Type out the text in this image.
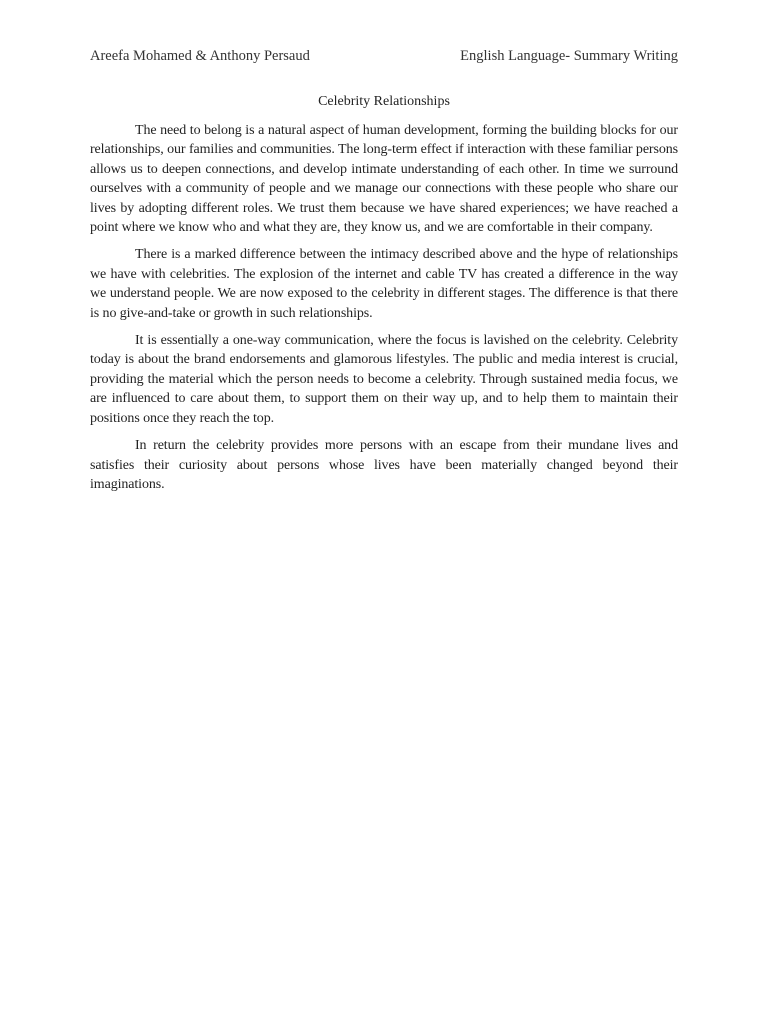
Areefa Mohamed & Anthony Persaud	English Language- Summary Writing
Celebrity Relationships

The need to belong is a natural aspect of human development, forming the building blocks for our relationships, our families and communities. The long-term effect if interaction with these familiar persons allows us to deepen connections, and develop intimate understanding of each other. In time we surround ourselves with a community of people and we manage our connections with these people who share our lives by adopting different roles. We trust them because we have shared experiences; we have reached a point where we know who and what they are, they know us, and we are comfortable in their company.

There is a marked difference between the intimacy described above and the hype of relationships we have with celebrities. The explosion of the internet and cable TV has created a difference in the way we understand people. We are now exposed to the celebrity in different stages. The difference is that there is no give-and-take or growth in such relationships.

It is essentially a one-way communication, where the focus is lavished on the celebrity. Celebrity today is about the brand endorsements and glamorous lifestyles. The public and media interest is crucial, providing the material which the person needs to become a celebrity. Through sustained media focus, we are influenced to care about them, to support them on their way up, and to help them to maintain their positions once they reach the top.

In return the celebrity provides more persons with an escape from their mundane lives and satisfies their curiosity about persons whose lives have been materially changed beyond their imaginations.
